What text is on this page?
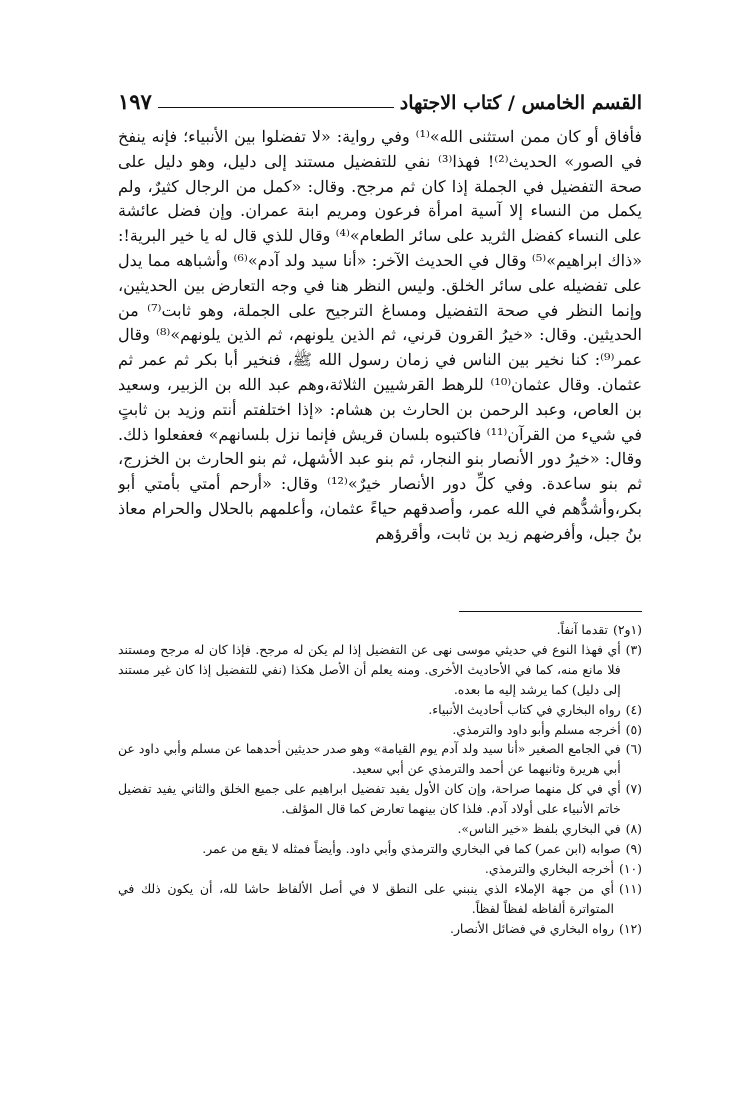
القسم الخامس / كتاب الاجتهاد
١٩٧

فأفاق أو كان ممن استثنى الله»⁽¹⁾ وفي رواية: «لا تفضلوا بين الأنبياء؛ فإنه ينفخ في الصور» الحديث⁽²⁾! فهذا⁽³⁾ نفي للتفضيل مستند إلى دليل، وهو دليل على صحة التفضيل في الجملة إذا كان ثم مرجح. وقال: «كمل من الرجال كثيرٌ، ولم يكمل من النساء إلا آسية امرأة فرعون ومريم ابنة عمران. وإن فضل عائشة على النساء كفضل الثريد على سائر الطعام»⁽⁴⁾ وقال للذي قال له يا خير البرية!: «ذاك ابراهيم»⁽⁵⁾ وقال في الحديث الآخر: «أنا سيد ولد آدم»⁽⁶⁾ وأشباهه مما يدل على تفضيله على سائر الخلق. وليس النظر هنا في وجه التعارض بين الحديثين، وإنما النظر في صحة التفضيل ومساغ الترجيح على الجملة، وهو ثابت⁽⁷⁾ من الحديثين. وقال: «خيرُ القرون قرني، ثم الذين يلونهم، ثم الذين يلونهم»⁽⁸⁾ وقال عمر⁽⁹⁾: كنا نخير بين الناس في زمان رسول الله ﷺ، فنخير أبا بكر ثم عمر ثم عثمان. وقال عثمان⁽¹⁰⁾ للرهط القرشيين الثلاثة،وهم عبد الله بن الزبير، وسعيد بن العاص، وعبد الرحمن بن الحارث بن هشام: «إذا اختلفتم أنتم وزيد بن ثابتٍ في شيء من القرآن⁽¹¹⁾ فاكتبوه بلسان قريش فإنما نزل بلسانهم» فعفعلوا ذلك. وقال: «خيرُ دور الأنصار بنو النجار، ثم بنو عبد الأشهل، ثم بنو الحارث بن الخزرج، ثم بنو ساعدة. وفي كلِّ دور الأنصار خيرٌ»⁽¹²⁾ وقال: «أرحم أمتي بأمتي أبو بكر،وأشدُّهم في الله عمر، وأصدقهم حياءً عثمان، وأعلمهم بالحلال والحرام معاذ بنُ جبل، وأفرضهم زيد بن ثابت، وأقرؤهم

(١و٢)
تقدما آنفاً.
(٣)
أي فهذا النوع في حديثي موسى نهى عن التفضيل إذا لم يكن له مرجح. فإذا كان له مرجح ومستند فلا مانع منه، كما في الأحاديث الأخرى. ومنه يعلم أن الأصل هكذا (نفي للتفضيل إذا كان غير مستند إلى دليل) كما يرشد إليه ما بعده.
(٤)
رواه البخاري في كتاب أحاديث الأنبياء.
(٥)
أخرجه مسلم وأبو داود والترمذي.
(٦)
في الجامع الصغير «أنا سيد ولد آدم يوم القيامة» وهو صدر حديثين أحدهما عن مسلم وأبي داود عن أبي هريرة وثانيهما عن أحمد والترمذي عن أبي سعيد.
(٧)
أي في كل منهما صراحة، وإن كان الأول يفيد تفضيل ابراهيم على جميع الخلق والثاني يفيد تفضيل خاتم الأنبياء على أولاد آدم. فلذا كان بينهما تعارض كما قال المؤلف.
(٨)
في البخاري بلفظ «خير الناس».
(٩)
صوابه (ابن عمر) كما في البخاري والترمذي وأبي داود. وأيضاً فمثله لا يقع من عمر.
(١٠)
أخرجه البخاري والترمذي.
(١١)
أي من جهة الإملاء الذي ينبني على النطق لا في أصل الألفاظ حاشا لله، أن يكون ذلك في المتواترة ألفاظه لفظاً لفظاً.
(١٢)
رواه البخاري في فضائل الأنصار.
